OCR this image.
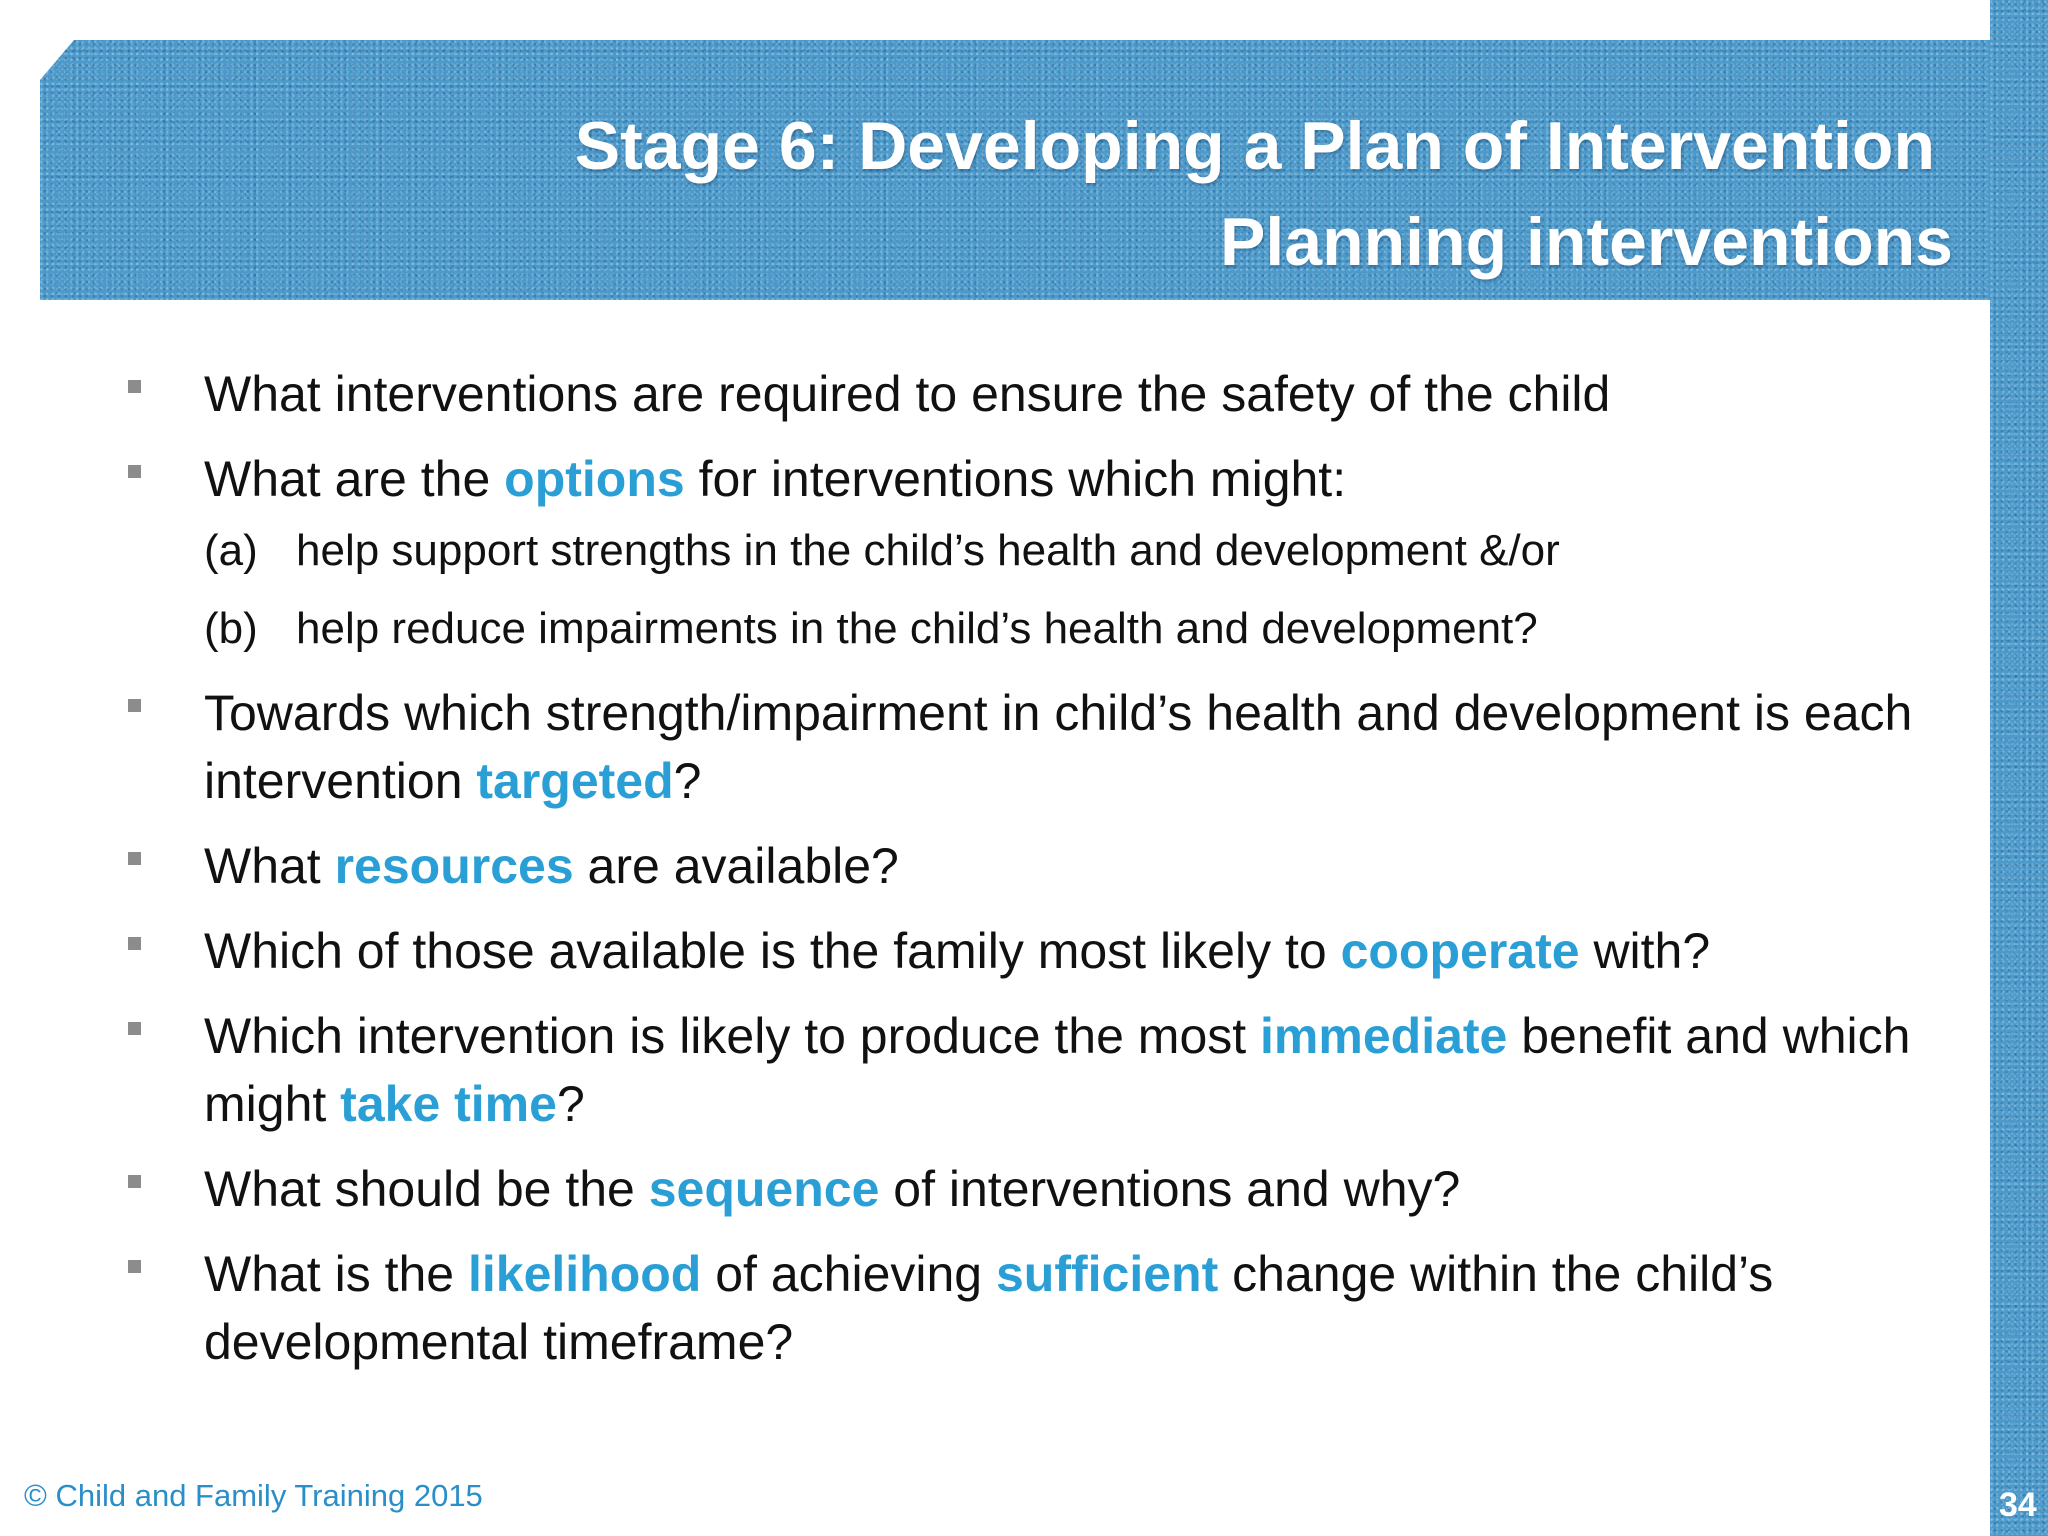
Stage 6: Developing a Plan of Intervention
Planning interventions
What interventions are required to ensure the safety of the child
What are the options for interventions which might:
(a) help support strengths in the child’s health and development &/or
(b) help reduce impairments in the child’s health and development?
Towards which strength/impairment in child’s health and development is each intervention targeted?
What resources are available?
Which of those available is the family most likely to cooperate with?
Which intervention is likely to produce the most immediate benefit and which might take time?
What should be the sequence of interventions and why?
What is the likelihood of achieving sufficient change within the child’s developmental timeframe?
© Child and Family Training 2015	34
